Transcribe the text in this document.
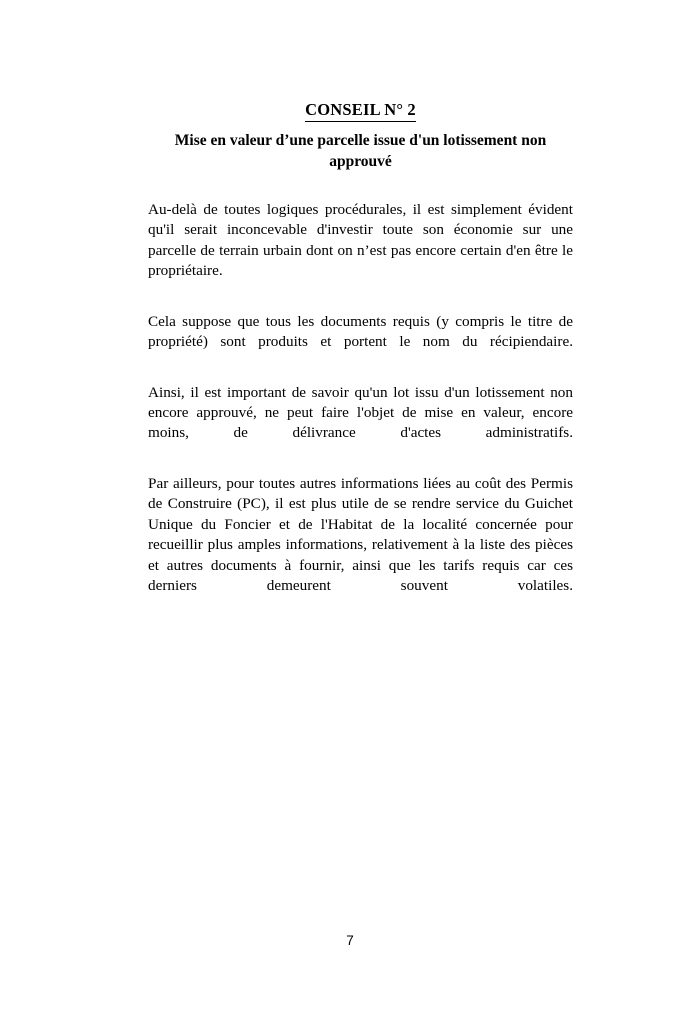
CONSEIL N° 2
Mise en valeur d’une parcelle issue d'un lotissement non approuvé

Au-delà de toutes logiques procédurales, il est simplement évident qu'il serait inconcevable d'investir toute son économie sur une parcelle de terrain urbain dont on n’est pas encore certain d'en être le propriétaire.

Cela suppose que tous les documents requis (y compris le titre de propriété) sont produits et portent le nom du récipiendaire.

Ainsi, il est important de savoir qu'un lot issu d'un lotissement non encore approuvé, ne peut faire l'objet de mise en valeur, encore moins, de délivrance d'actes administratifs.

Par ailleurs, pour toutes autres informations liées au coût des Permis de Construire (PC), il est plus utile de se rendre service du Guichet Unique du Foncier et de l'Habitat de la localité concernée pour recueillir plus amples informations, relativement à la liste des pièces et autres documents à fournir, ainsi que les tarifs requis car ces derniers demeurent souvent volatiles.

7
